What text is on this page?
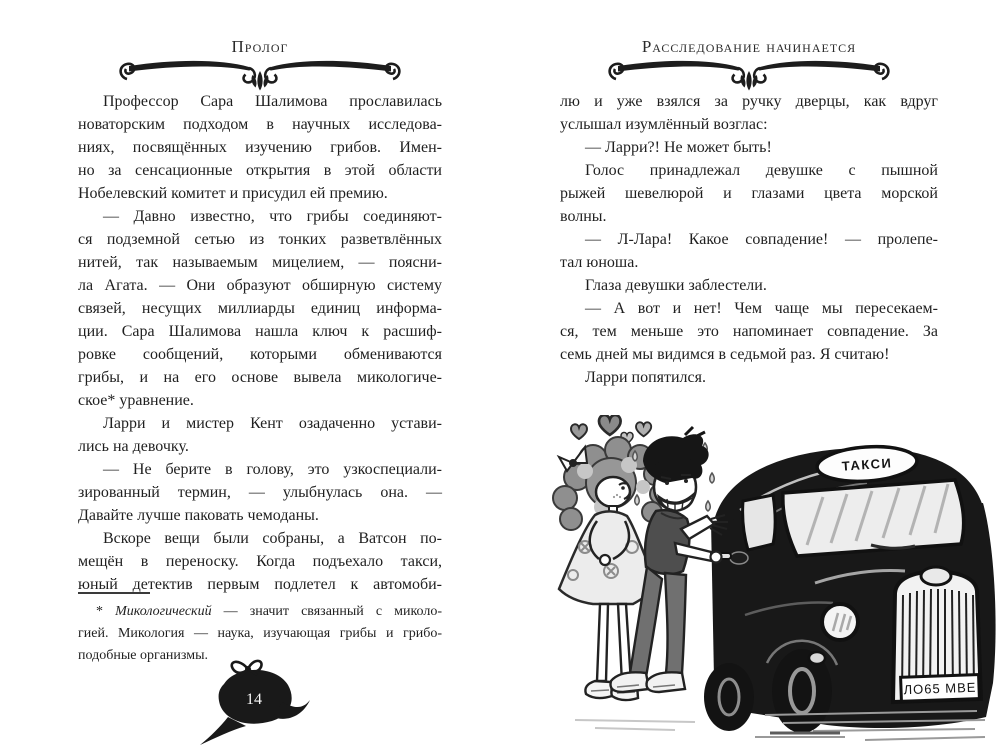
Пролог
Профессор Сара Шалимова прославилась
новаторским подходом в научных исследова-
ниях, посвящённых изучению грибов. Имен-
но за сенсационные открытия в этой области
Нобелевский комитет и присудил ей премию.
— Давно известно, что грибы соединяют-
ся подземной сетью из тонких разветвлённых
нитей, так называемым мицелием, — поясни-
ла Агата. — Они образуют обширную систему
связей, несущих миллиарды единиц информа-
ции. Сара Шалимова нашла ключ к расшиф-
ровке сообщений, которыми обмениваются
грибы, и на его основе вывела микологиче-
ское* уравнение.
Ларри и мистер Кент озадаченно устави-
лись на девочку.
— Не берите в голову, это узкоспециали-
зированный термин, — улыбнулась она. —
Давайте лучше паковать чемоданы.
Вскоре вещи были собраны, а Ватсон по-
мещён в переноску. Когда подъехало такси,
юный детектив первым подлетел к автомоби-
* Микологический — значит связанный с миколо-
гией. Микология — наука, изучающая грибы и грибо-
подобные организмы.
14
Расследование начинается
лю и уже взялся за ручку дверцы, как вдруг
услышал изумлённый возглас:
— Ларри?! Не может быть!
Голос принадлежал девушке с пышной
рыжей шевелюрой и глазами цвета морской
волны.
— Л-Лара! Какое совпадение! — пролепе-
тал юноша.
Глаза девушки заблестели.
— А вот и нет! Чем чаще мы пересекаем-
ся, тем меньше это напоминает совпадение. За
семь дней мы видимся в седьмой раз. Я считаю!
Ларри попятился.
ТАКСИ
ЛО65 МВЕ
